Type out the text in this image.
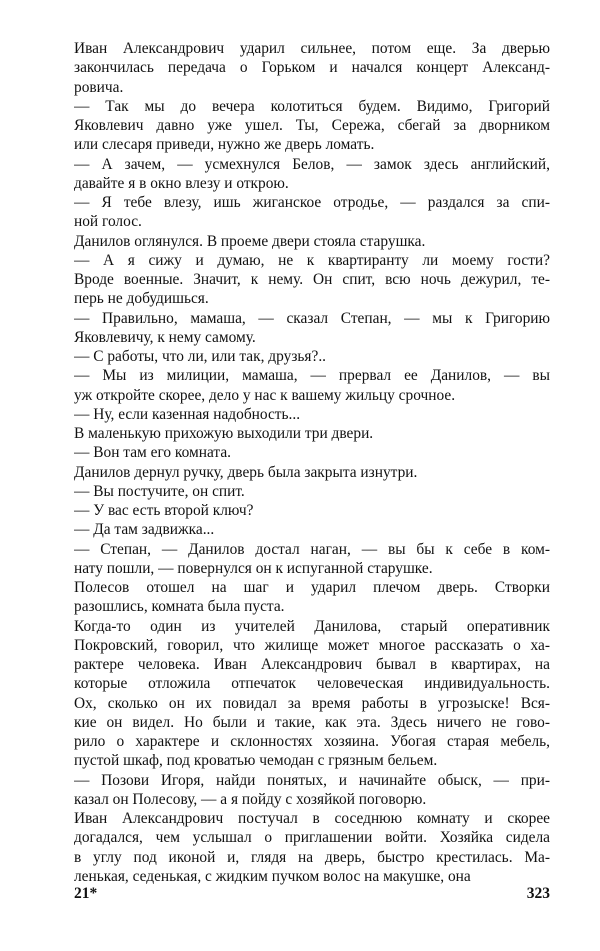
Иван Александрович ударил сильнее, потом еще. За дверью
закончилась передача о Горьком и начался концерт Александ-
ровича.
— Так мы до вечера колотиться будем. Видимо, Григорий
Яковлевич давно уже ушел. Ты, Сережа, сбегай за дворником
или слесаря приведи, нужно же дверь ломать.
— А зачем, — усмехнулся Белов, — замок здесь английский,
давайте я в окно влезу и открою.
— Я тебе влезу, ишь жиганское отродье, — раздался за спи-
ной голос.
Данилов оглянулся. В проеме двери стояла старушка.
— А я сижу и думаю, не к квартиранту ли моему гости?
Вроде военные. Значит, к нему. Он спит, всю ночь дежурил, те-
перь не добудишься.
— Правильно, мамаша, — сказал Степан, — мы к Григорию
Яковлевичу, к нему самому.
— С работы, что ли, или так, друзья?..
— Мы из милиции, мамаша, — прервал ее Данилов, — вы
уж откройте скорее, дело у нас к вашему жильцу срочное.
— Ну, если казенная надобность...
В маленькую прихожую выходили три двери.
— Вон там его комната.
Данилов дернул ручку, дверь была закрыта изнутри.
— Вы постучите, он спит.
— У вас есть второй ключ?
— Да там задвижка...
— Степан, — Данилов достал наган, — вы бы к себе в ком-
нату пошли, — повернулся он к испуганной старушке.
Полесов отошел на шаг и ударил плечом дверь. Створки
разошлись, комната была пуста.
Когда-то один из учителей Данилова, старый оперативник
Покровский, говорил, что жилище может многое рассказать о ха-
рактере человека. Иван Александрович бывал в квартирах, на
которые отложила отпечаток человеческая индивидуальность.
Ох, сколько он их повидал за время работы в угрозыске! Вся-
кие он видел. Но были и такие, как эта. Здесь ничего не гово-
рило о характере и склонностях хозяина. Убогая старая мебель,
пустой шкаф, под кроватью чемодан с грязным бельем.
— Позови Игоря, найди понятых, и начинайте обыск, — при-
казал он Полесову, — а я пойду с хозяйкой поговорю.
Иван Александрович постучал в соседнюю комнату и скорее
догадался, чем услышал о приглашении войти. Хозяйка сидела
в углу под иконой и, глядя на дверь, быстро крестилась. Ма-
ленькая, седенькая, с жидким пучком волос на макушке, она
21*	323
